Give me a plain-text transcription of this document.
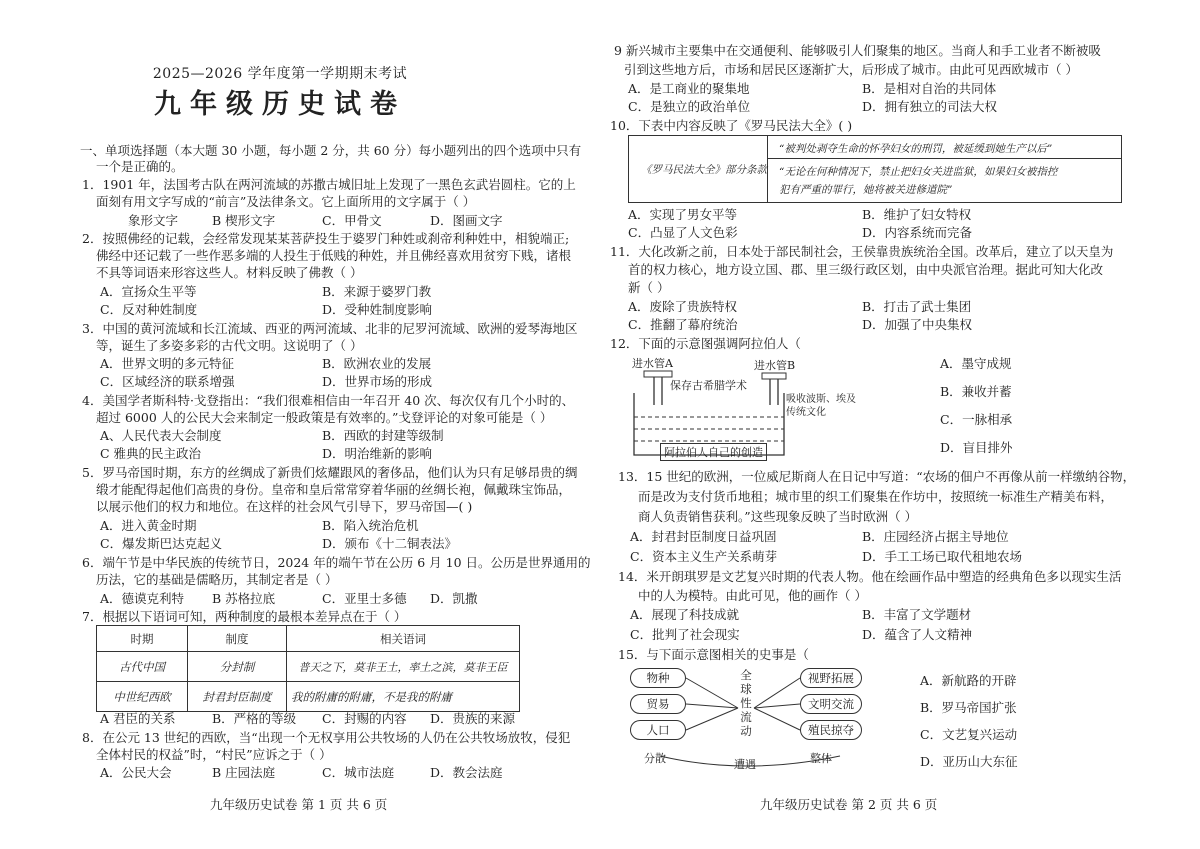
2025—2026 学年度第一学期期末考试
九年级历史试卷
一、单项选择题（本大题 30 小题，每小题 2 分，共 60 分）每小题列出的四个选项中只有
一个是正确的。
1．1901 年，法国考古队在两河流域的苏撒古城旧址上发现了一黑色玄武岩圆柱。它的上
面刻有用文字写成的“前言”及法律条文。它上面所用的文字属于（ ）
象形文字	B 楔形文字	C．甲骨文	D．图画文字
2．按照佛经的记载，会经常发现某某菩萨投生于婆罗门种姓或刹帝利种姓中，相貌端正;
佛经中还记载了一些作恶多端的人投生于低贱的种姓，并且佛经喜欢用贫穷下贱，诸根
不具等词语来形容这些人。材料反映了佛教（ ）
A．宣扬众生平等	B．来源于婆罗门教
C．反对种姓制度	D．受种姓制度影响
3．中国的黄河流域和长江流域、西亚的两河流域、北非的尼罗河流域、欧洲的爱琴海地区
等，诞生了多姿多彩的古代文明。这说明了（ ）
A．世界文明的多元特征	B．欧洲农业的发展
C．区域经济的联系增强	D．世界市场的形成
4．美国学者斯科特·戈登指出：“我们很难相信由一年召开 40 次、每次仅有几个小时的、
超过 6000 人的公民大会来制定一般政策是有效率的。”戈登评论的对象可能是（ ）
A、人民代表大会制度	B．西欧的封建等级制
C 雅典的民主政治	D．明治维新的影响
5．罗马帝国时期，东方的丝绸成了新贵们炫耀跟风的奢侈品，他们认为只有足够昂贵的绸
缎才能配得起他们高贵的身份。皇帝和皇后常常穿着华丽的丝绸长袍，佩戴珠宝饰品，
以展示他们的权力和地位。在这样的社会风气引导下，罗马帝国—( )
A．进入黄金时期	B．陷入统治危机
C．爆发斯巴达克起义	D．颁布《十二铜表法》
6．端午节是中华民族的传统节日，2024 年的端午节在公历 6 月 10 日。公历是世界通用的
历法，它的基础是儒略历，其制定者是（ ）
A．德谟克利特 B 苏格拉底	C．亚里士多德 D．凯撒
7．根据以下语词可知，两种制度的最根本差异点在于（ ）
时期	制度	相关语词
古代中国	分封制	普天之下，莫非王土，率土之滨，莫非王臣
中世纪西欧	封君封臣制度	我的附庸的附庸，不是我的附庸
A 君臣的关系	B．严格的等级 C．封赐的内容 D．贵族的来源
8．在公元 13 世纪的西欧，当“出现一个无权享用公共牧场的人仍在公共牧场放牧，侵犯
全体村民的权益”时，“村民”应诉之于（ ）
A．公民大会	B 庄园法庭	C．城市法庭	D．教会法庭
九年级历史试卷 第 1 页 共 6 页
9 新兴城市主要集中在交通便利、能够吸引人们聚集的地区。当商人和手工业者不断被吸
引到这些地方后，市场和居民区逐渐扩大，后形成了城市。由此可见西欧城市（ ）
A．是工商业的聚集地	B．是相对自治的共同体
C．是独立的政治单位	D．拥有独立的司法大权
10．下表中内容反映了《罗马民法大全》( )
《罗马民法大全》部分条款
“被判处剥夺生命的怀孕妇女的刑罚，被延缓到她生产以后”
“无论在何种情况下，禁止把妇女关进监狱，如果妇女被指控
犯有严重的罪行，她将被关进修道院”
A．实现了男女平等	B．维护了妇女特权
C．凸显了人文色彩	D．内容系统而完备
11．大化改新之前，日本处于部民制社会，王侯靠贵族统治全国。改革后，建立了以天皇为
首的权力核心，地方设立国、郡、里三级行政区划，由中央派官治理。据此可知大化改
新（ ）
A．废除了贵族特权	B．打击了武士集团
C．推翻了幕府统治	D．加强了中央集权
12．下面的示意图强调阿拉伯人（
进水管A	进水管B
保存古希腊学术
吸收波斯、埃及
传统文化
阿拉伯人自己的创造
A．墨守成规
B．兼收并蓄
C．一脉相承
D．盲目排外
13．15 世纪的欧洲，一位威尼斯商人在日记中写道：“农场的佃户不再像从前一样缴纳谷物，
而是改为支付货币地租；城市里的织工们聚集在作坊中，按照统一标准生产精美布料，
商人负责销售获利。”这些现象反映了当时欧洲（ ）
A．封君封臣制度日益巩固	B．庄园经济占据主导地位
C．资本主义生产关系萌芽	D．手工工场已取代租地农场
14．米开朗琪罗是文艺复兴时期的代表人物。他在绘画作品中塑造的经典角色多以现实生活
中的人为模特。由此可见，他的画作（ ）
A．展现了科技成就	B．丰富了文学题材
C．批判了社会现实	D．蕴含了人文精神
15．与下面示意图相关的史事是（
物种
贸易
人口
全球性流动
视野拓展
文明交流
殖民掠夺
分散	遭遇	整体
A．新航路的开辟
B．罗马帝国扩张
C．文艺复兴运动
D．亚历山大东征
九年级历史试卷 第 2 页 共 6 页
